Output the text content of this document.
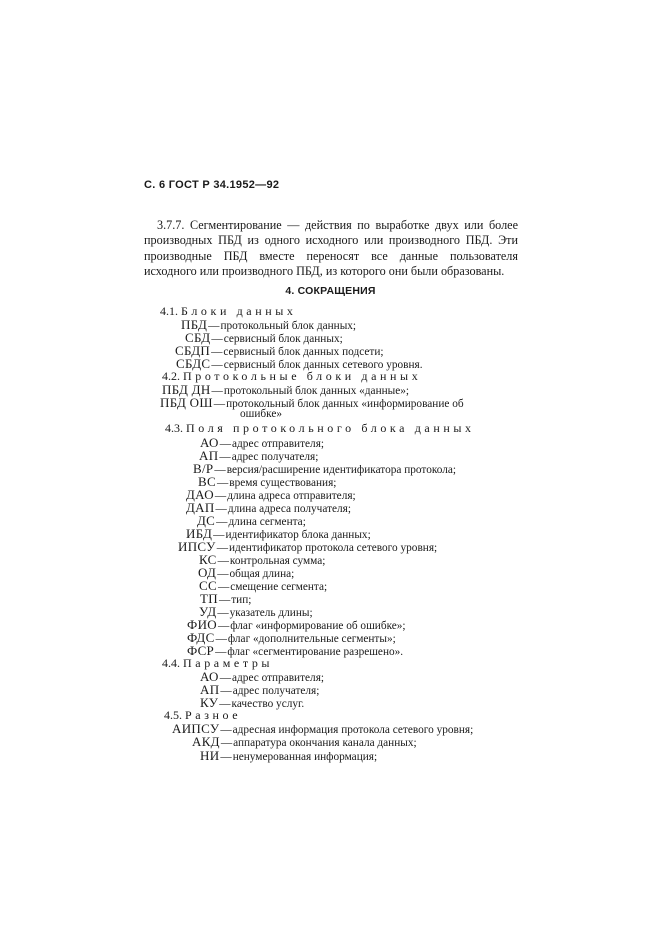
С. 6 ГОСТ Р 34.1952—92
3.7.7. Сегментирование — действия по выработке двух или более производных ПБД из одного исходного или производного ПБД. Эти производные ПБД вместе переносят все данные пользователя исходного или производного ПБД, из которого они были образованы.
4. СОКРАЩЕНИЯ
4.1. Блоки данных
ПБД—протокольный блок данных;
СБД—сервисный блок данных;
СБДП—сервисный блок данных подсети;
СБДС—сервисный блок данных сетевого уровня.
4.2. Протокольные блоки данных
ПБД ДН—протокольный блок данных «данные»;
ПБД ОШ—протокольный блок данных «информирование об
ошибке»
4.3. Поля протокольного блока данных
АО—адрес отправителя;
АП—адрес получателя;
В/Р—версия/расширение идентификатора протокола;
ВС—время существования;
ДАО—длина адреса отправителя;
ДАП—длина адреса получателя;
ДС—длина сегмента;
ИБД—идентификатор блока данных;
ИПСУ—идентификатор протокола сетевого уровня;
КС—контрольная сумма;
ОД—общая длина;
СС—смещение сегмента;
ТП—тип;
УД—указатель длины;
ФИО—флаг «информирование об ошибке»;
ФДС—флаг «дополнительные сегменты»;
ФСР—флаг «сегментирование разрешено».
4.4. Параметры
АО—адрес отправителя;
АП—адрес получателя;
КУ—качество услуг.
4.5. Разное
АИПСУ—адресная информация протокола сетевого уровня;
АКД—аппаратура окончания канала данных;
НИ—ненумерованная информация;
